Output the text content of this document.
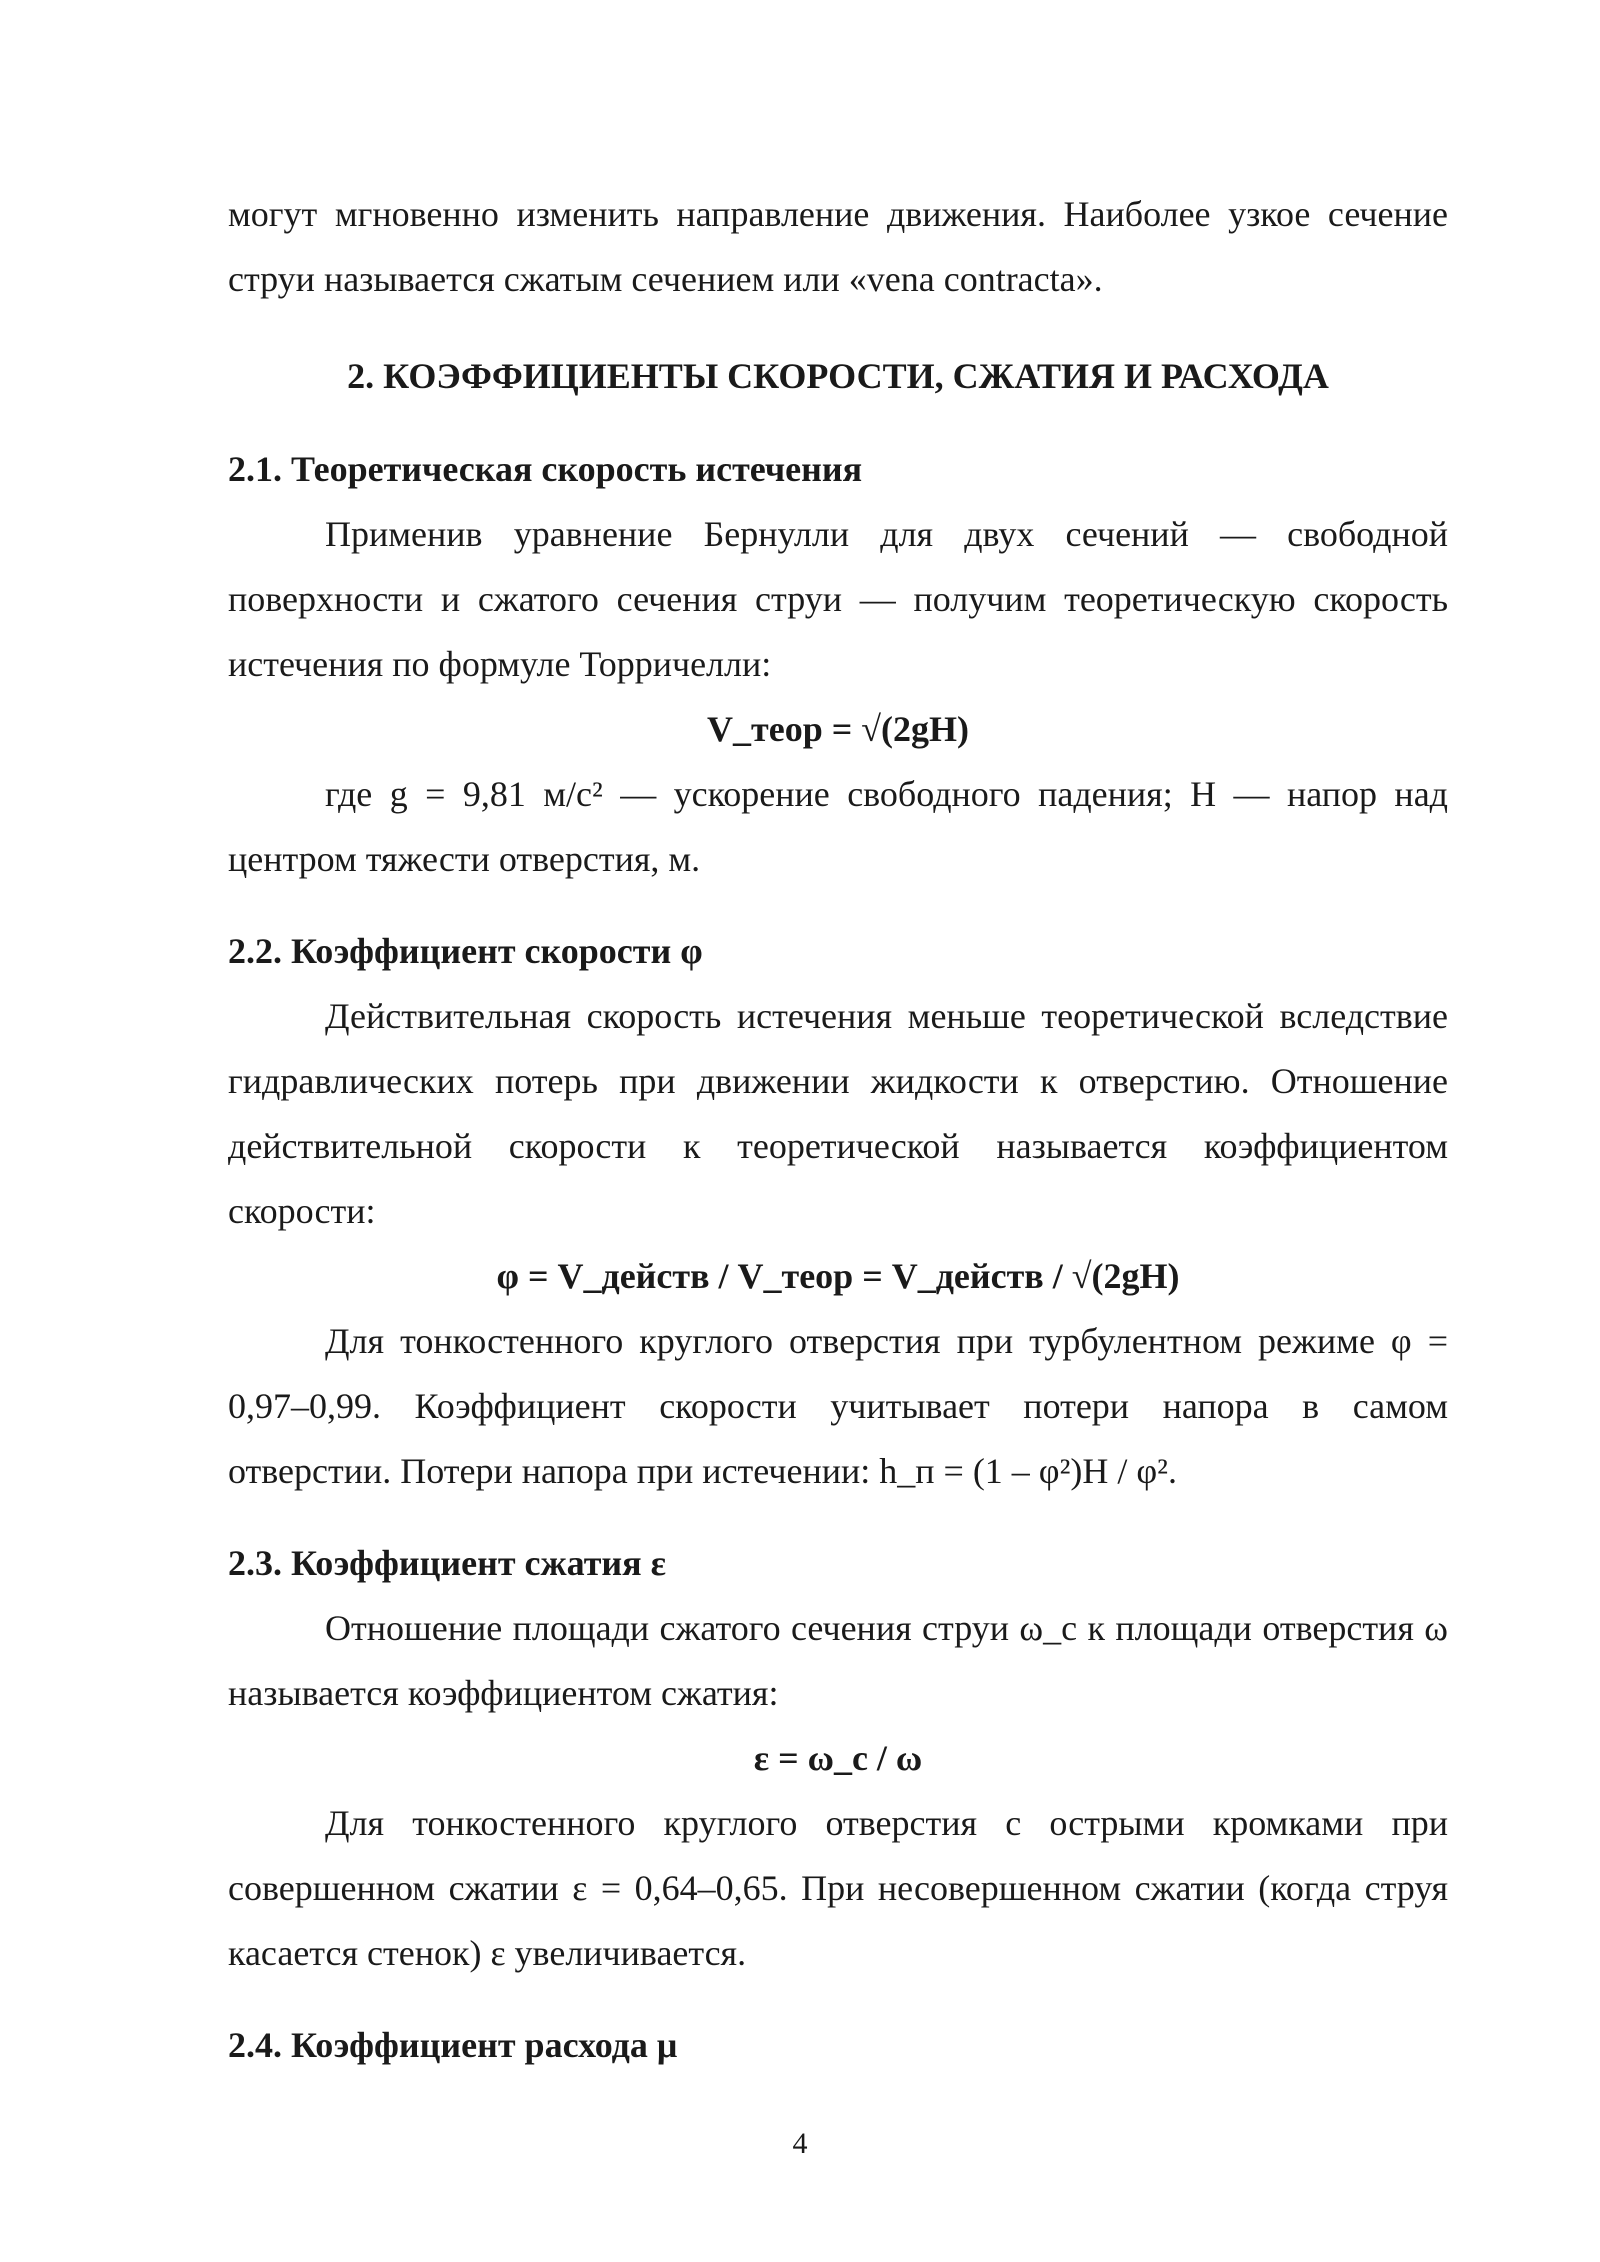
могут мгновенно изменить направление движения. Наиболее узкое сечение струи называется сжатым сечением или «vena contracta».

2. КОЭФФИЦИЕНТЫ СКОРОСТИ, СЖАТИЯ И РАСХОДА

2.1. Теоретическая скорость истечения

Применив уравнение Бернулли для двух сечений — свободной поверхности и сжатого сечения струи — получим теоретическую скорость истечения по формуле Торричелли:

V_теор = √(2gH)

где g = 9,81 м/с² — ускорение свободного падения; H — напор над центром тяжести отверстия, м.

2.2. Коэффициент скорости φ

Действительная скорость истечения меньше теоретической вследствие гидравлических потерь при движении жидкости к отверстию. Отношение действительной скорости к теоретической называется коэффициентом скорости:

φ = V_действ / V_теор = V_действ / √(2gH)

Для тонкостенного круглого отверстия при турбулентном режиме φ = 0,97–0,99. Коэффициент скорости учитывает потери напора в самом отверстии. Потери напора при истечении: h_п = (1 – φ²)H / φ².

2.3. Коэффициент сжатия ε

Отношение площади сжатого сечения струи ω_c к площади отверстия ω называется коэффициентом сжатия:

ε = ω_c / ω

Для тонкостенного круглого отверстия с острыми кромками при совершенном сжатии ε = 0,64–0,65. При несовершенном сжатии (когда струя касается стенок) ε увеличивается.

2.4. Коэффициент расхода μ

4
